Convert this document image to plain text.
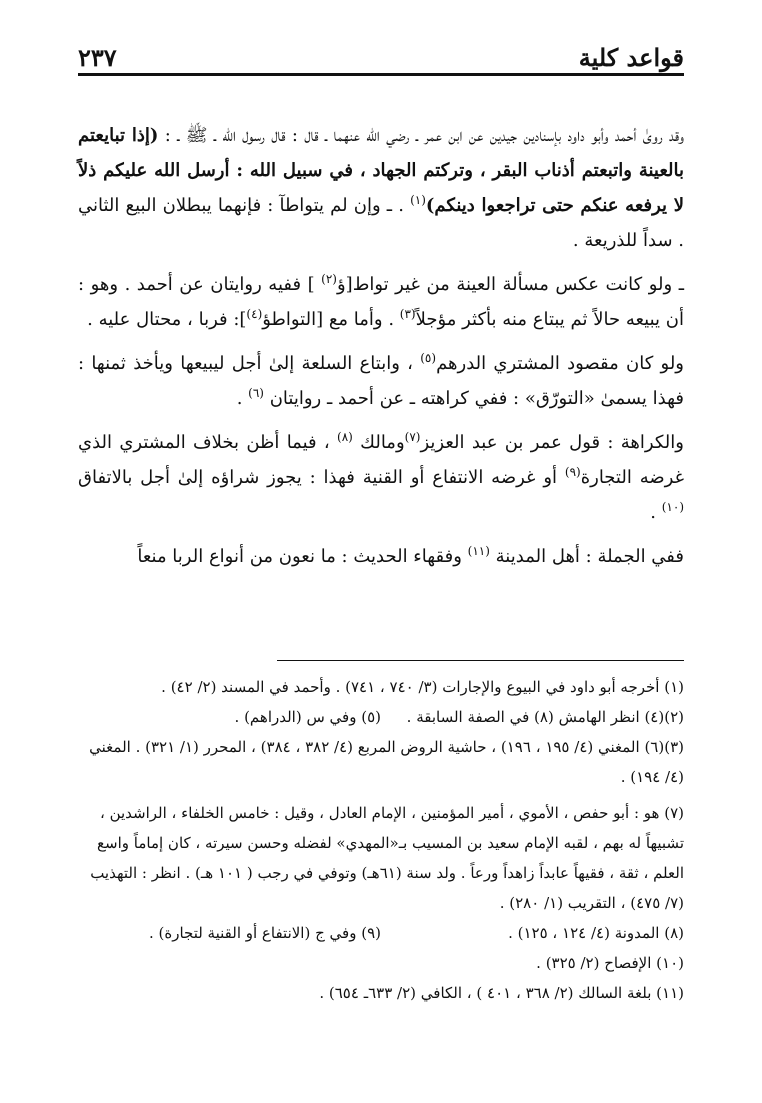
٢٣٧	قواعد كلية

وقد روىٰ أحمد وأبو داود بإسنادين جيدين عن ابن عمر ـ رضي الله عنهما ـ قال : قال رسول الله ـ ﷺ ـ : (إذا تبايعتم بالعينة واتبعتم أذناب البقر ، وتركتم الجهاد ، في سبيل الله : أرسل الله عليكم ذلاً لا يرفعه عنكم حتى تراجعوا دينكم)$^{(١)}$ . ـ وإن لم يتواطآ : فإنهما يبطلان البيع الثاني . سداً للذريعة .

ـ ولو كانت عكس مسألة العينة من غير تواط[ؤ$^{(٢)}$ ] ففيه روايتان عن أحمد . وهو : أن يبيعه حالاً ثم يبتاع منه بأكثر مؤجلاً$^{(٣)}$ . وأما مع [التواطؤ$^{(٤)}$]: فربا ، محتال عليه .

ولو كان مقصود المشتري الدرهم$^{(٥)}$ ، وابتاع السلعة إلىٰ أجل ليبيعها ويأخذ ثمنها : فهذا يسمىٰ «التورّق» : ففي كراهته ـ عن أحمد ـ روايتان $^{(٦)}$ .

والكراهة : قول عمر بن عبد العزيز$^{(٧)}$ومالك $^{(٨)}$ ، فيما أظن بخلاف المشتري الذي غرضه التجارة$^{(٩)}$ أو غرضه الانتفاع أو القنية فهذا : يجوز شراؤه إلىٰ أجل بالاتفاق $^{(١٠)}$ .

ففي الجملة : أهل المدينة $^{(١١)}$ وفقهاء الحديث : ما نعون من أنواع الربا منعاً

(١) أخرجه أبو داود في البيوع والإجارات (٣/ ٧٤٠ ، ٧٤١) . وأحمد في المسند (٢/ ٤٢) .

(٢)(٤) انظر الهامش (٨) في الصفة السابقة .

(٥) وفي س (الدراهم) .

(٣)(٦) المغني (٤/ ١٩٥ ، ١٩٦) ، حاشية الروض المربع (٤/ ٣٨٢ ، ٣٨٤) ، المحرر (١/ ٣٢١) . المغني (٤/ ١٩٤) .

(٧) هو : أبو حفص ، الأموي ، أمير المؤمنين ، الإمام العادل ، وقيل : خامس الخلفاء ، الراشدين ، تشبيهاً له بهم ، لقبه الإمام سعيد بن المسيب بـ«المهدي» لفضله وحسن سيرته ، كان إماماً واسع العلم ، ثقة ، فقيهاً عابداً زاهداً ورعاً . ولد سنة (٦١هـ) وتوفي في رجب ( ١٠١ هـ) . انظر : التهذيب (٧/ ٤٧٥) ، التقريب (١/ ٢٨٠) .

(٨) المدونة (٤/ ١٢٤ ، ١٢٥) .

(٩) وفي ج (الانتفاع أو القنية لتجارة) .

(١٠) الإفصاح (٢/ ٣٢٥) .

(١١) بلغة السالك (٢/ ٣٦٨ ، ٤٠١ ) ، الكافي (٢/ ٦٣٣ـ ٦٥٤) .
